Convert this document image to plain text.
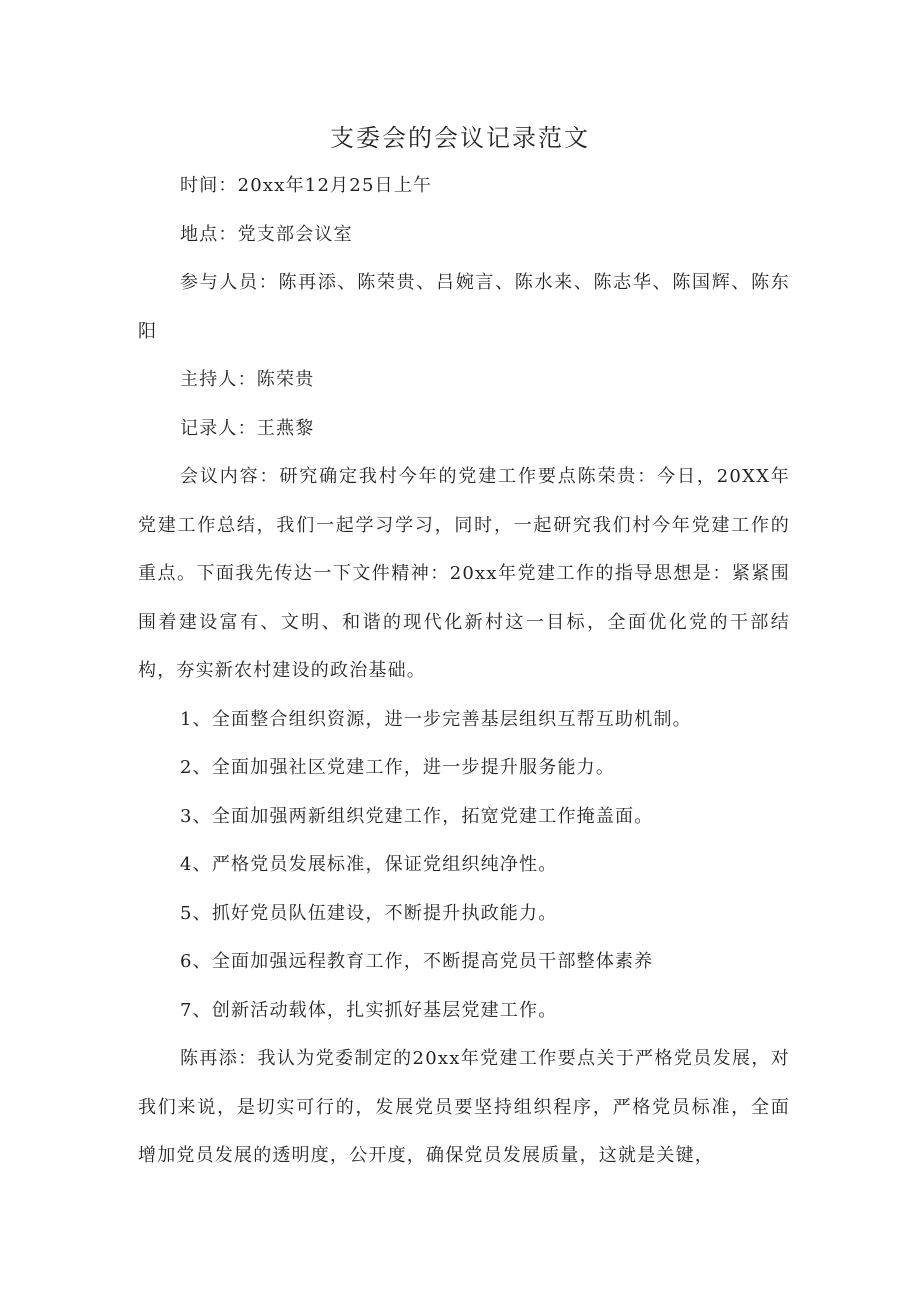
支委会的会议记录范文

时间：20xx年12月25日上午

地点：党支部会议室

参与人员：陈再添、陈荣贵、吕婉言、陈水来、陈志华、陈国辉、陈东阳

主持人：陈荣贵

记录人：王燕黎

会议内容：研究确定我村今年的党建工作要点陈荣贵：今日，20XX年党建工作总结，我们一起学习学习，同时，一起研究我们村今年党建工作的重点。下面我先传达一下文件精神：20xx年党建工作的指导思想是：紧紧围围着建设富有、文明、和谐的现代化新村这一目标，全面优化党的干部结构，夯实新农村建设的政治基础。

1、全面整合组织资源，进一步完善基层组织互帮互助机制。

2、全面加强社区党建工作，进一步提升服务能力。

3、全面加强两新组织党建工作，拓宽党建工作掩盖面。

4、严格党员发展标准，保证党组织纯净性。

5、抓好党员队伍建设，不断提升执政能力。

6、全面加强远程教育工作，不断提高党员干部整体素养

7、创新活动载体，扎实抓好基层党建工作。

陈再添：我认为党委制定的20xx年党建工作要点关于严格党员发展，对我们来说，是切实可行的，发展党员要坚持组织程序，严格党员标准，全面增加党员发展的透明度，公开度，确保党员发展质量，这就是关键，
